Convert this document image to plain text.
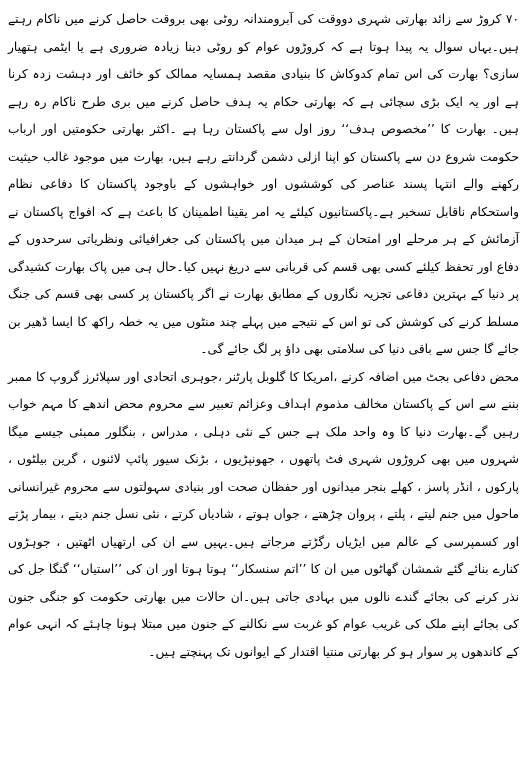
٧٠ کروڑ سے زائد بھارتی شہری دووقت کی آبرومندانہ روٹی بھی بروقت حاصل کرنے میں ناکام رہتے ہیں۔یہاں سوال یہ پیدا ہوتا ہے کہ کروڑوں عوام کو روٹی دینا زیادہ ضروری ہے یا ایٹمی ہتھیار سازی؟ بھارت کی اس تمام کدوکاش کا بنیادی مقصد ہمسایہ ممالک کو خائف اور دہشت زدہ کرنا ہے اور یہ ایک بڑی سچائی ہے کہ بھارتی حکام یہ ہدف حاصل کرنے میں بری طرح ناکام رہ رہے ہیں۔ بھارت کا ’’مخصوص ہدف‘‘ روز اول سے پاکستان رہا ہے ۔اکثر بھارتی حکومتیں اور ارباب حکومت شروع دن سے پاکستان کو اپنا ازلی دشمن گردانتے رہے ہیں، بھارت میں موجود غالب حیثیت رکھنے والے انتہا پسند عناصر کی کوششوں اور خواہشوں کے باوجود پاکستان کا دفاعی نظام واستحکام ناقابل تسخیر ہے۔پاکستانیوں کیلئے یہ امر یقینا اطمینان کا باعث ہے کہ افواج پاکستان نے آزمائش کے ہر مرحلے اور امتحان کے ہر میدان میں پاکستان کی جغرافیائی ونظریاتی سرحدوں کے دفاع اور تحفظ کیلئے کسی بھی قسم کی قربانی سے دریغ نہیں کیا۔حال ہی میں پاک بھارت کشیدگی پر دنیا کے بہترین دفاعی تجزیہ نگاروں کے مطابق بھارت نے اگر پاکستان پر کسی بھی قسم کی جنگ مسلط کرنے کی کوشش کی تو اس کے نتیجے میں پہلے چند منٹوں میں یہ خطہ راکھ کا ایسا ڈھیر بن جائے گا جس سے باقی دنیا کی سلامتی بھی داؤ پر لگ جائے گی۔

محض دفاعی بجٹ میں اضافہ کرنے ،امریکا کا گلوبل پارٹنر ،جوہری اتحادی اور سپلائرز گروپ کا ممبر بننے سے اس کے پاکستان مخالف مذموم اہداف وعزائم تعبیر سے محروم محض اندھے کا مہم خواب رہیں گے۔بھارت دنیا کا وہ واحد ملک ہے جس کے نئی دہلی ، مدراس ، بنگلور ممبئی جیسے میگا شہروں میں بھی کروڑوں شہری فٹ پاتھوں ، جھونپڑیوں ، بڑنک سیور پائپ لائنوں ، گرین بیلٹوں ، پارکوں ، انڈر پاسز ، کھلے بنجر میدانوں اور حفظان صحت اور بنیادی سہولتوں سے محروم غیرانسانی ماحول میں جنم لیتے ، پلتے ، پروان چڑھتے ، جواں ہوتے ، شادیاں کرتے ، نئی نسل جنم دیتے ، بیمار پڑتے اور کسمپرسی کے عالم میں ایڑیاں رگڑتے مرجاتے ہیں۔یہیں سے ان کی ارتھیاں اٹھتیں ، جوہڑوں کنارے بنائے گئے شمشان گھاٹوں میں ان کا ’’اتم سنسکار‘‘ ہوتا ہوتا اور ان کی ’’استیاں‘‘ گنگا جل کی نذر کرنے کی بجائے گندے نالوں میں بہادی جاتی ہیں۔ان حالات میں بھارتی حکومت کو جنگی جنون کی بجائے اپنے ملک کی غریب عوام کو غربت سے نکالنے کے جنون میں مبتلا ہونا چاہئے کہ انہی عوام کے کاندھوں پر سوار ہو کر بھارتی منتیا اقتدار کے ایوانوں تک پہنچتے ہیں۔
